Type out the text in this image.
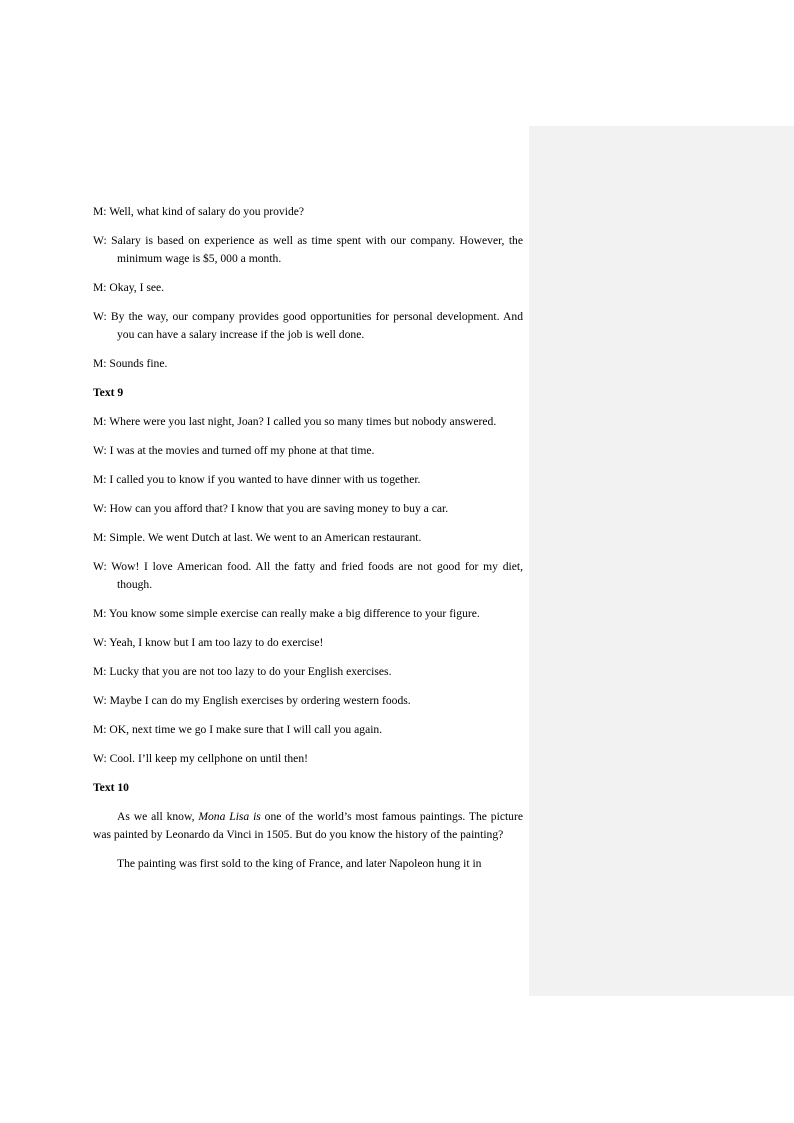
M: Well, what kind of salary do you provide?

W: Salary is based on experience as well as time spent with our company. However, the minimum wage is $5, 000 a month.

M: Okay, I see.

W: By the way, our company provides good opportunities for personal development. And you can have a salary increase if the job is well done.

M: Sounds fine.

Text 9

M: Where were you last night, Joan? I called you so many times but nobody answered.

W: I was at the movies and turned off my phone at that time.

M: I called you to know if you wanted to have dinner with us together.

W: How can you afford that? I know that you are saving money to buy a car.

M: Simple. We went Dutch at last. We went to an American restaurant.

W: Wow! I love American food. All the fatty and fried foods are not good for my diet, though.

M: You know some simple exercise can really make a big difference to your figure.

W: Yeah, I know but I am too lazy to do exercise!

M: Lucky that you are not too lazy to do your English exercises.

W: Maybe I can do my English exercises by ordering western foods.

M: OK, next time we go I make sure that I will call you again.

W: Cool. I’ll keep my cellphone on until then!

Text 10

As we all know, Mona Lisa is one of the world’s most famous paintings. The picture was painted by Leonardo da Vinci in 1505. But do you know the history of the painting?

The painting was first sold to the king of France, and later Napoleon hung it in
